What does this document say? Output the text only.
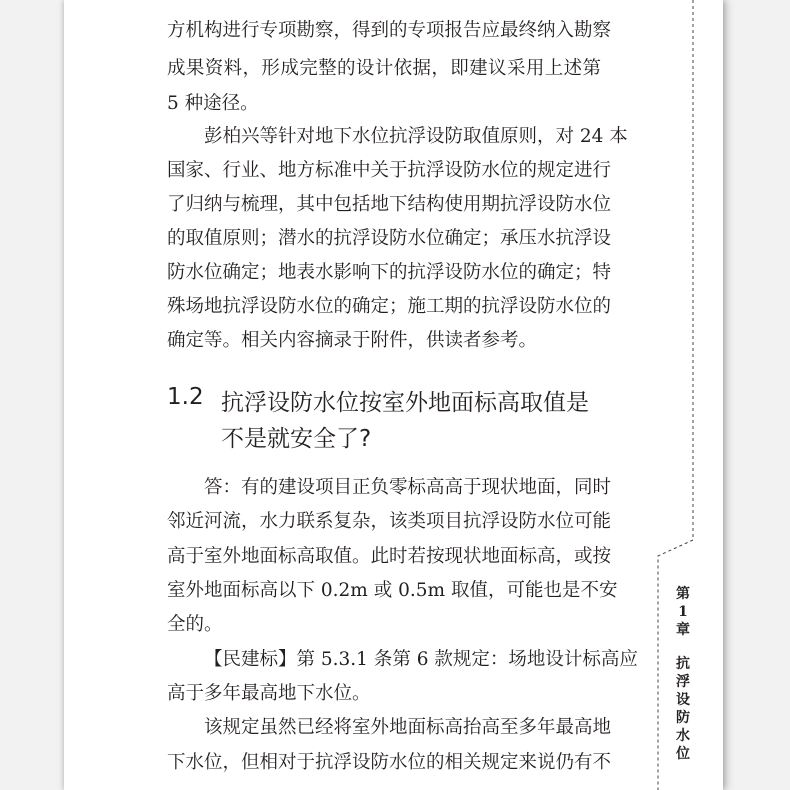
方机构进行专项勘察，得到的专项报告应最终纳入勘察
成果资料，形成完整的设计依据，即建议采用上述第
5 种途径。
彭柏兴等针对地下水位抗浮设防取值原则，对 24 本
国家、行业、地方标准中关于抗浮设防水位的规定进行
了归纳与梳理，其中包括地下结构使用期抗浮设防水位
的取值原则；潜水的抗浮设防水位确定；承压水抗浮设
防水位确定；地表水影响下的抗浮设防水位的确定；特
殊场地抗浮设防水位的确定；施工期的抗浮设防水位的
确定等。相关内容摘录于附件，供读者参考。
答：有的建设项目正负零标高高于现状地面，同时
邻近河流，水力联系复杂，该类项目抗浮设防水位可能
高于室外地面标高取值。此时若按现状地面标高，或按
室外地面标高以下 0.2m 或 0.5m 取值，可能也是不安
全的。
【民建标】第 5.3.1 条第 6 款规定：场地设计标高应
高于多年最高地下水位。
该规定虽然已经将室外地面标高抬高至多年最高地
下水位，但相对于抗浮设防水位的相关规定来说仍有不
1.2 抗浮设防水位按室外地面标高取值是
不是就安全了?
第
1
章
抗
浮
设
防
水
位
